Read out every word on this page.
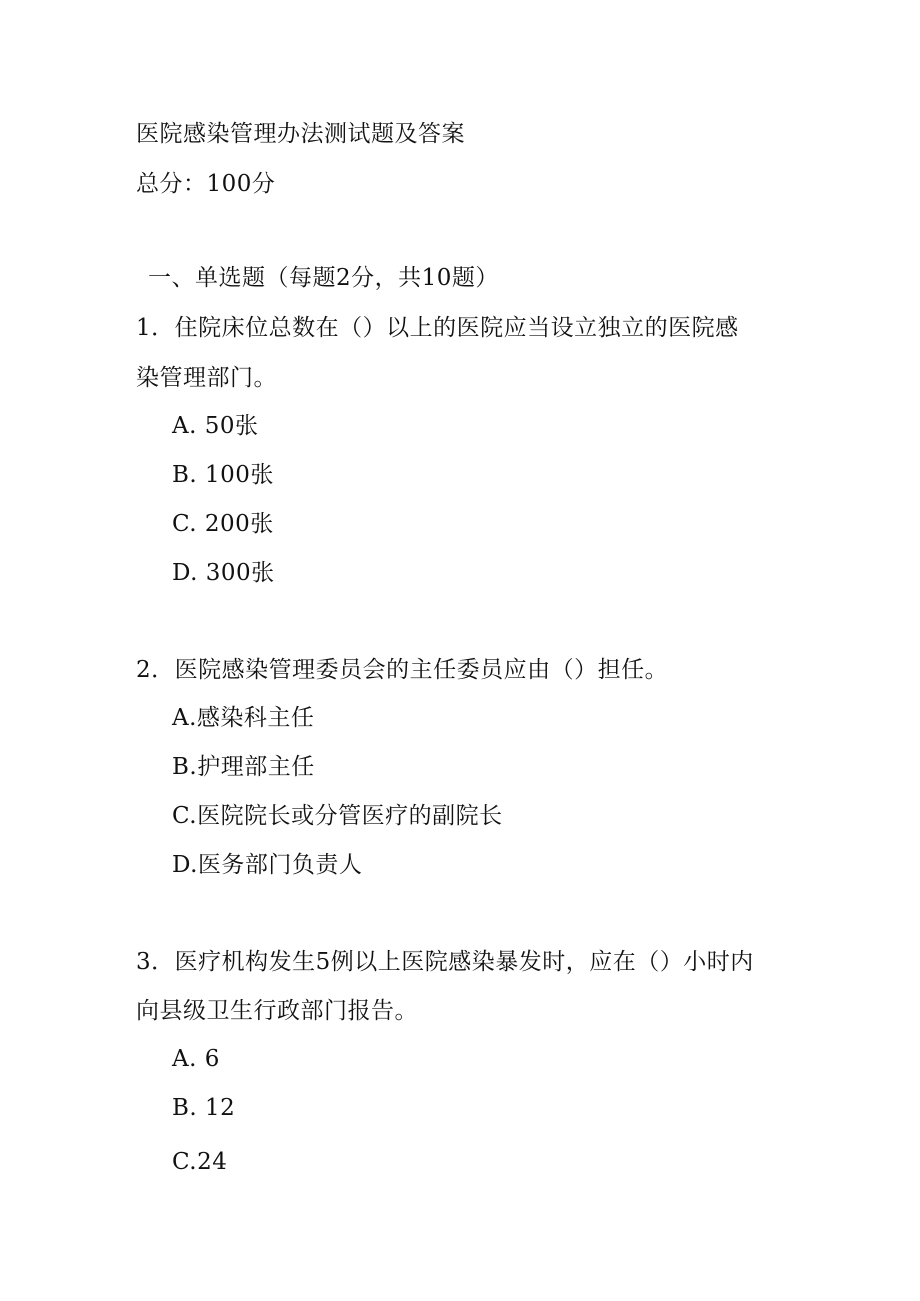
医院感染管理办法测试题及答案
总分：100分
一、单选题（每题2分，共10题）
1．住院床位总数在（）以上的医院应当设立独立的医院感
染管理部门。
A. 50张
B. 100张
C. 200张
D. 300张
2．医院感染管理委员会的主任委员应由（）担任。
A.感染科主任
B.护理部主任
C.医院院长或分管医疗的副院长
D.医务部门负责人
3．医疗机构发生5例以上医院感染暴发时，应在（）小时内
向县级卫生行政部门报告。
A. 6
B. 12
C.24
